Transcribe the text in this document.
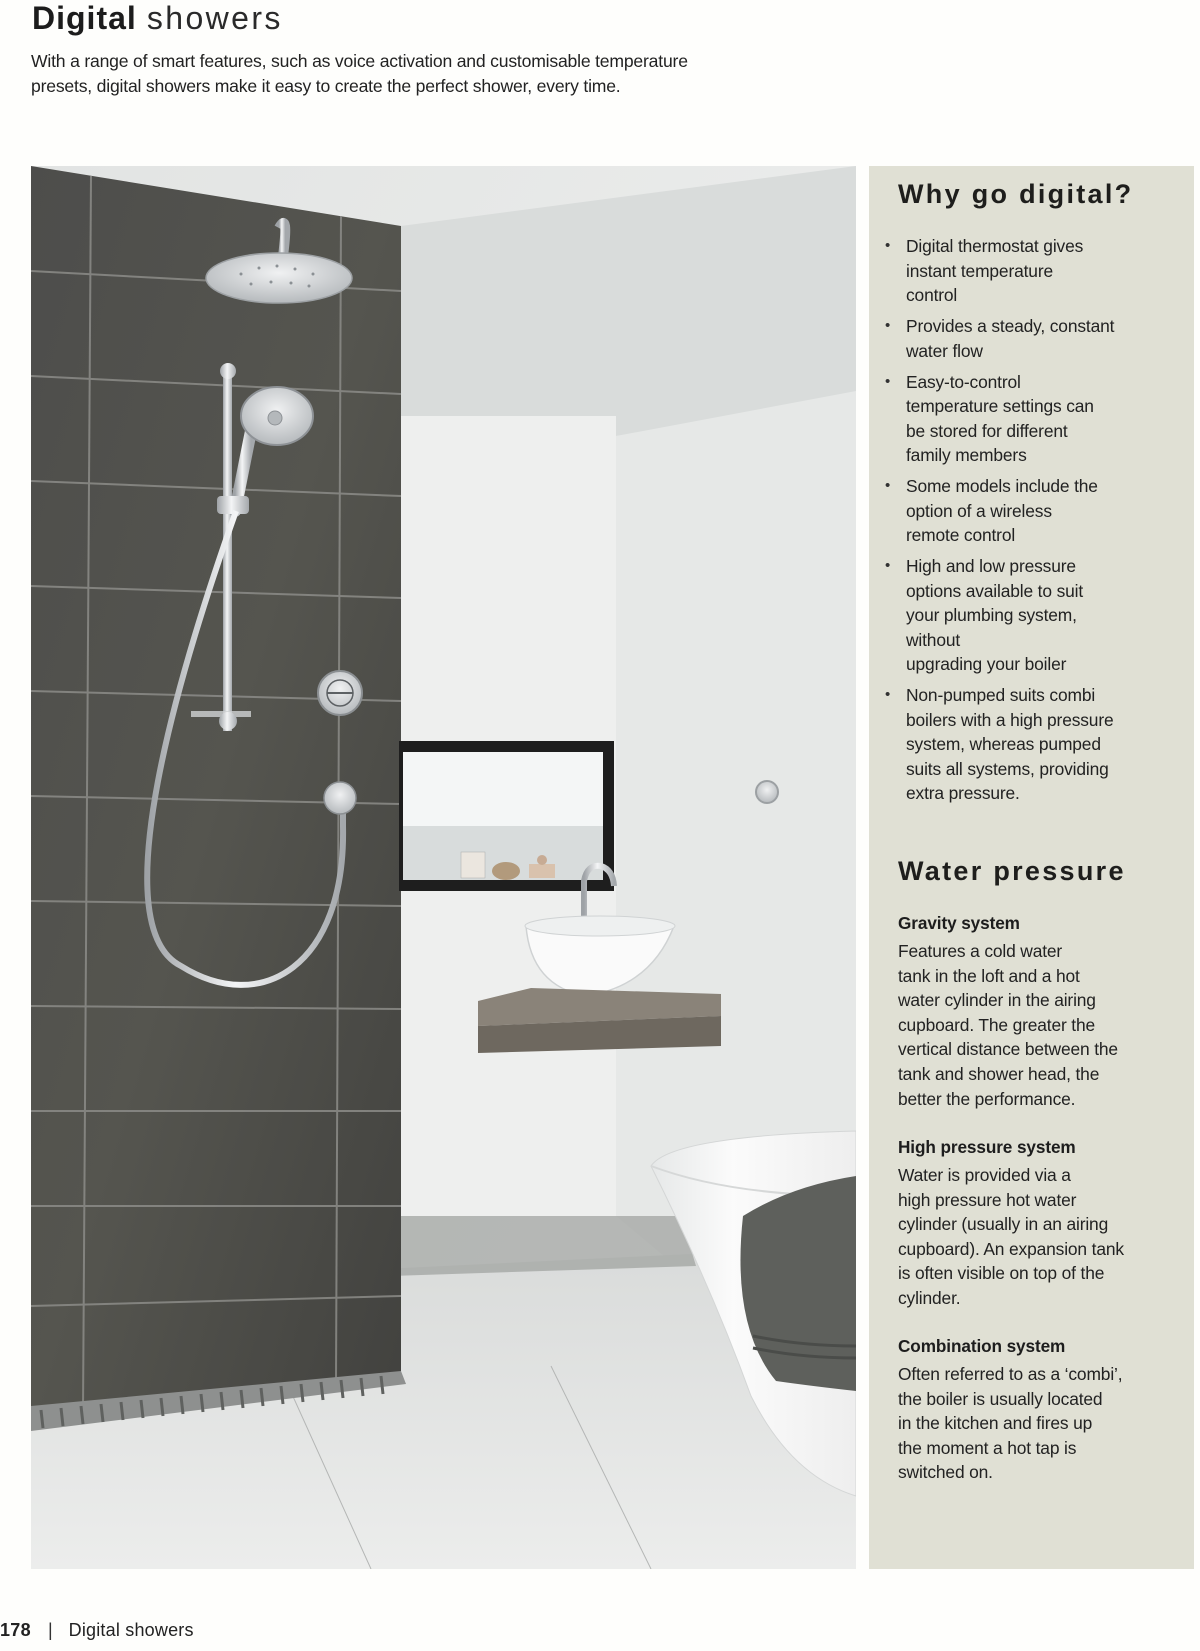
Digital showers

With a range of smart features, such as voice activation and customisable temperature
presets, digital showers make it easy to create the perfect shower, every time.

Why go digital?
• Digital thermostat gives
instant temperature
control
• Provides a steady, constant
water flow
• Easy-to-control
temperature settings can
be stored for different
family members
• Some models include the
option of a wireless
remote control
• High and low pressure
options available to suit
your plumbing system,
without
upgrading your boiler
• Non-pumped suits combi
boilers with a high pressure
system, whereas pumped
suits all systems, providing
extra pressure.
Water pressure
Gravity system

Features a cold water
tank in the loft and a hot
water cylinder in the airing
cupboard. The greater the
vertical distance between the
tank and shower head, the
better the performance.

High pressure system

Water is provided via a
high pressure hot water
cylinder (usually in an airing
cupboard). An expansion tank
is often visible on top of the
cylinder.

Combination system

Often referred to as a ‘combi’,
the boiler is usually located
in the kitchen and fires up
the moment a hot tap is
switched on.

178 | Digital showers
